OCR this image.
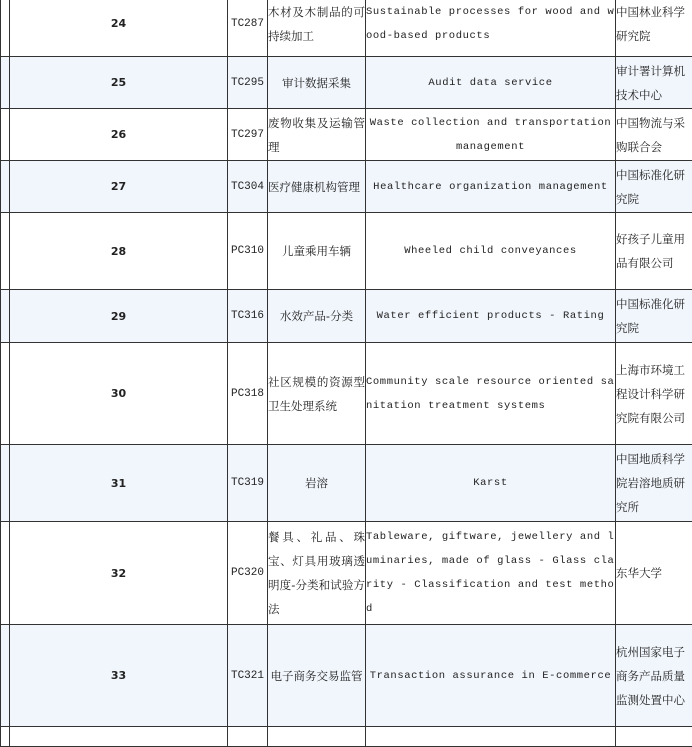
	24	TC287	木材及木制品的可持续加工	Sustainable processes for wood and wood-based products	中国林业科学研究院
	25	TC295	审计数据采集	Audit data service	审计署计算机技术中心
	26	TC297	废物收集及运输管理	Waste collection and transportation management	中国物流与采购联合会
	27	TC304	医疗健康机构管理	Healthcare organization management	中国标准化研究院
	28	PC310	儿童乘用车辆	Wheeled child conveyances	好孩子儿童用品有限公司
	29	TC316	水效产品-分类	Water efficient products - Rating	中国标准化研究院
	30	PC318	社区规模的资源型卫生处理系统	Community scale resource oriented sanitation treatment systems	上海市环境工程设计科学研究院有限公司
	31	TC319	岩溶	Karst	中国地质科学院岩溶地质研究所
	32	PC320	餐具、礼品、珠宝、灯具用玻璃透明度-分类和试验方法	Tableware, giftware, jewellery and luminaries, made of glass - Glass clarity - Classification and test method	东华大学
	33	TC321	电子商务交易监管	Transaction assurance in E-commerce	杭州国家电子商务产品质量监测处置中心
